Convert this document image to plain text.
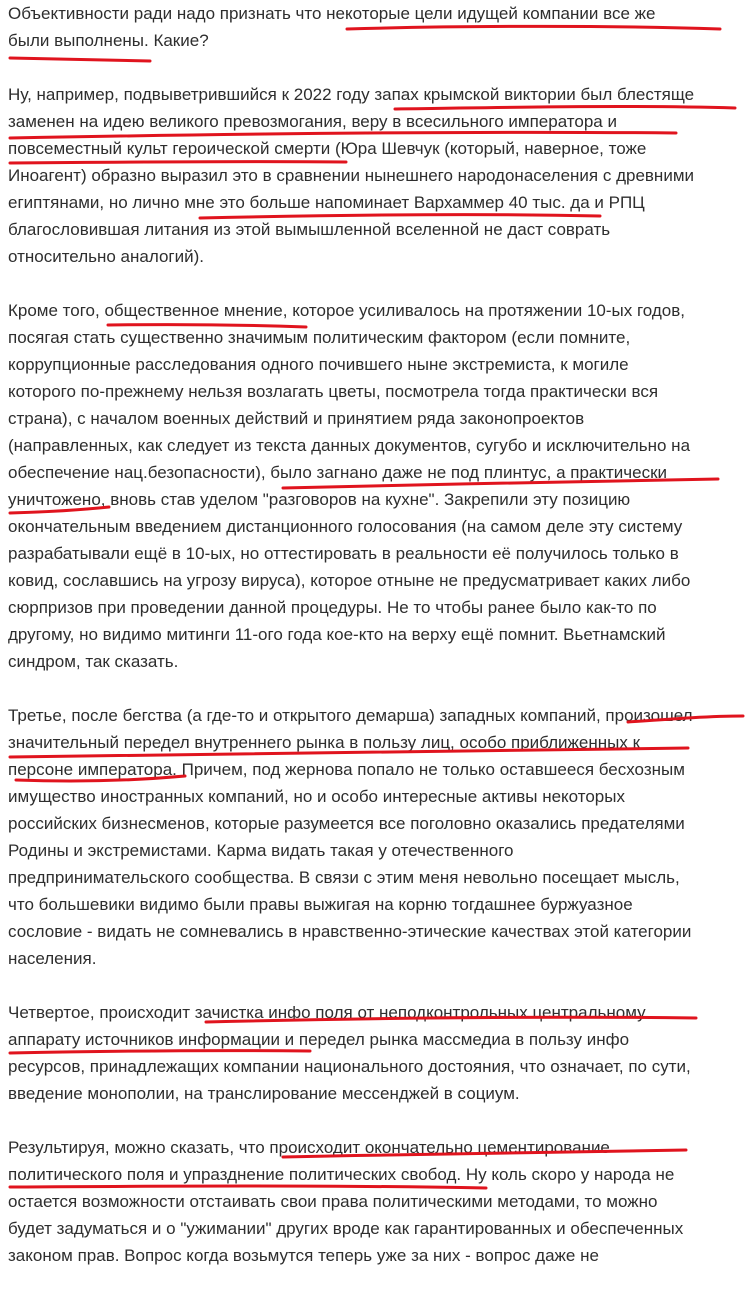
Объективности ради надо признать что некоторые цели идущей компании все же
были выполнены. Какие?

Ну, например, подвыветрившийся к 2022 году запах крымской виктории был блестяще
заменен на идею великого превозмогания, веру в всесильного императора и
повсеместный культ героической смерти (Юра Шевчук (который, наверное, тоже
Иноагент) образно выразил это в сравнении нынешнего народонаселения с древними
египтянами, но лично мне это больше напоминает Вархаммер 40 тыс. да и РПЦ
благословившая литания из этой вымышленной вселенной не даст соврать
относительно аналогий).

Кроме того, общественное мнение, которое усиливалось на протяжении 10-ых годов,
посягая стать существенно значимым политическим фактором (если помните,
коррупционные расследования одного почившего ныне экстремиста, к могиле
которого по-прежнему нельзя возлагать цветы, посмотрела тогда практически вся
страна), с началом военных действий и принятием ряда законопроектов
(направленных, как следует из текста данных документов, сугубо и исключительно на
обеспечение нац.безопасности), было загнано даже не под плинтус, а практически
уничтожено, вновь став уделом "разговоров на кухне". Закрепили эту позицию
окончательным введением дистанционного голосования (на самом деле эту систему
разрабатывали ещё в 10-ых, но оттестировать в реальности её получилось только в
ковид, сославшись на угрозу вируса), которое отныне не предусматривает каких либо
сюрпризов при проведении данной процедуры. Не то чтобы ранее было как-то по
другому, но видимо митинги 11-ого года кое-кто на верху ещё помнит. Вьетнамский
синдром, так сказать.

Третье, после бегства (а где-то и открытого демарша) западных компаний, произошел
значительный передел внутреннего рынка в пользу лиц, особо приближенных к
персоне императора. Причем, под жернова попало не только оставшееся бесхозным
имущество иностранных компаний, но и особо интересные активы некоторых
российских бизнесменов, которые разумеется все поголовно оказались предателями
Родины и экстремистами. Карма видать такая у отечественного
предпринимательского сообщества. В связи с этим меня невольно посещает мысль,
что большевики видимо были правы выжигая на корню тогдашнее буржуазное
сословие - видать не сомневались в нравственно-этические качествах этой категории
населения.

Четвертое, происходит зачистка инфо поля от неподконтрольных центральному
аппарату источников информации и передел рынка массмедиа в пользу инфо
ресурсов, принадлежащих компании национального достояния, что означает, по сути,
введение монополии, на транслирование мессенджей в социум.

Результируя, можно сказать, что происходит окончательно цементирование
политического поля и упразднение политических свобод. Ну коль скоро у народа не
остается возможности отстаивать свои права политическими методами, то можно
будет задуматься и о "ужимании" других вроде как гарантированных и обеспеченных
законом прав. Вопрос когда возьмутся теперь уже за них - вопрос даже не
